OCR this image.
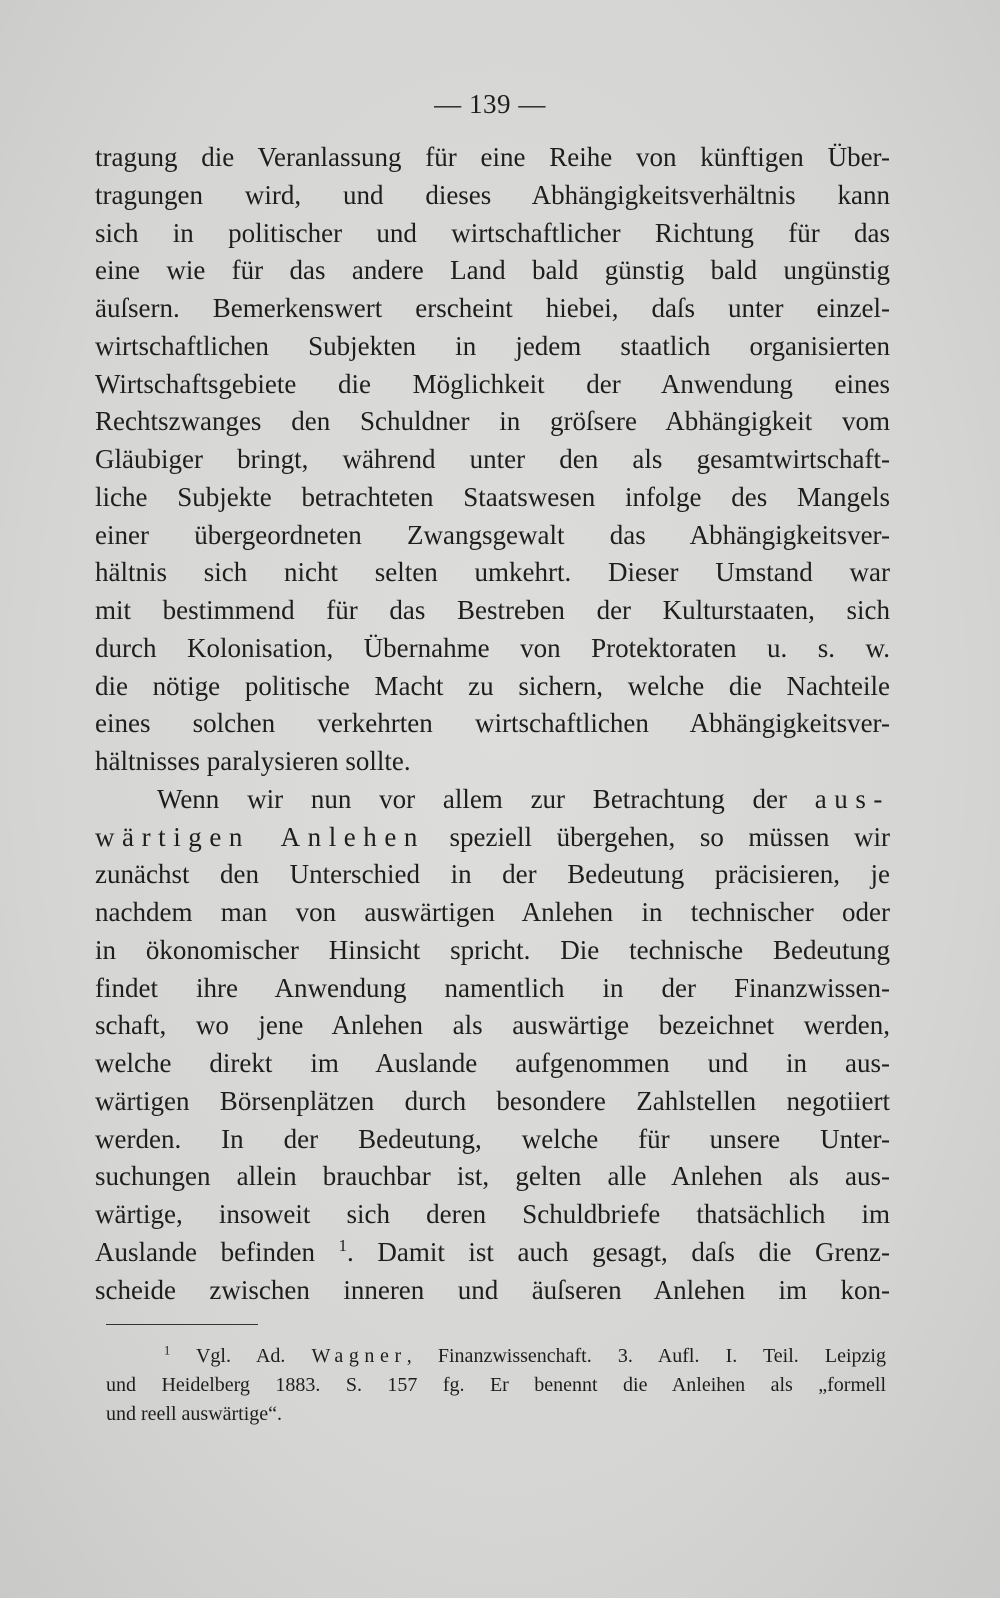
— 139 —
tragung die Veranlassung für eine Reihe von künftigen Über-
tragungen wird, und dieses Abhängigkeitsverhältnis kann
sich in politischer und wirtschaftlicher Richtung für das
eine wie für das andere Land bald günstig bald ungünstig
äuſsern. Bemerkenswert erscheint hiebei, daſs unter einzel-
wirtschaftlichen Subjekten in jedem staatlich organisierten
Wirtschaftsgebiete die Möglichkeit der Anwendung eines
Rechtszwanges den Schuldner in gröſsere Abhängigkeit vom
Gläubiger bringt, während unter den als gesamtwirtschaft-
liche Subjekte betrachteten Staatswesen infolge des Mangels
einer übergeordneten Zwangsgewalt das Abhängigkeitsver-
hältnis sich nicht selten umkehrt. Dieser Umstand war
mit bestimmend für das Bestreben der Kulturstaaten, sich
durch Kolonisation, Übernahme von Protektoraten u. s. w.
die nötige politische Macht zu sichern, welche die Nachteile
eines solchen verkehrten wirtschaftlichen Abhängigkeitsver-
hältnisses paralysieren sollte.
Wenn wir nun vor allem zur Betrachtung der aus-
wärtigen Anlehen speziell übergehen, so müssen wir
zunächst den Unterschied in der Bedeutung präcisieren, je
nachdem man von auswärtigen Anlehen in technischer oder
in ökonomischer Hinsicht spricht. Die technische Bedeutung
findet ihre Anwendung namentlich in der Finanzwissen-
schaft, wo jene Anlehen als auswärtige bezeichnet werden,
welche direkt im Auslande aufgenommen und in aus-
wärtigen Börsenplätzen durch besondere Zahlstellen negotiiert
werden. In der Bedeutung, welche für unsere Unter-
suchungen allein brauchbar ist, gelten alle Anlehen als aus-
wärtige, insoweit sich deren Schuldbriefe thatsächlich im
Auslande befinden $^1$. Damit ist auch gesagt, daſs die Grenz-
scheide zwischen inneren und äuſseren Anlehen im kon-
$^1$ Vgl. Ad. Wagner, Finanzwissenchaft. 3. Aufl. I. Teil. Leipzig
und Heidelberg 1883. S. 157 fg. Er benennt die Anleihen als „formell
und reell auswärtige“.
